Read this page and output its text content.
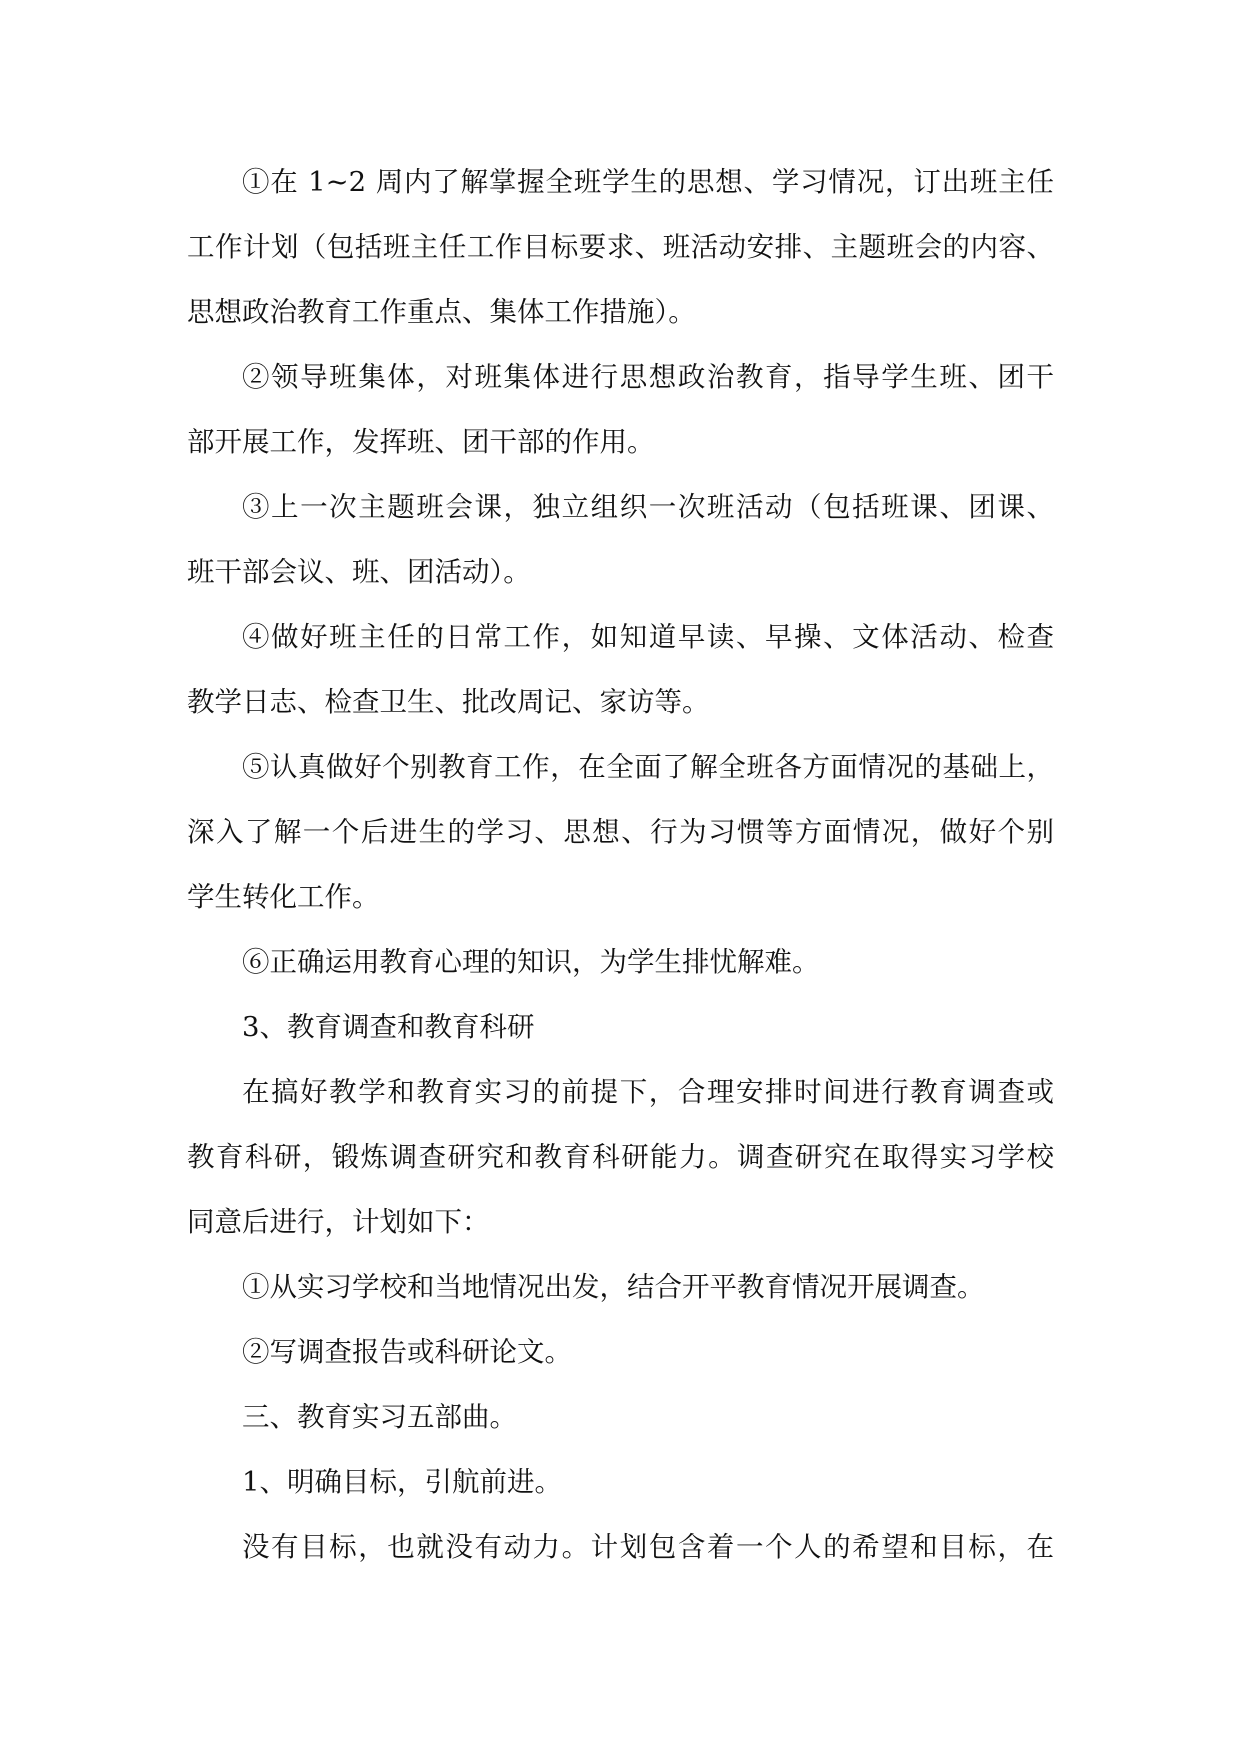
①在 1~2 周内了解掌握全班学生的思想、学习情况，订出班主任
工作计划（包括班主任工作目标要求、班活动安排、主题班会的内容、
思想政治教育工作重点、集体工作措施）。
②领导班集体，对班集体进行思想政治教育，指导学生班、团干
部开展工作，发挥班、团干部的作用。
③上一次主题班会课，独立组织一次班活动（包括班课、团课、
班干部会议、班、团活动）。
④做好班主任的日常工作，如知道早读、早操、文体活动、检查
教学日志、检查卫生、批改周记、家访等。
⑤认真做好个别教育工作，在全面了解全班各方面情况的基础上，
深入了解一个后进生的学习、思想、行为习惯等方面情况，做好个别
学生转化工作。
⑥正确运用教育心理的知识，为学生排忧解难。
3、教育调查和教育科研
在搞好教学和教育实习的前提下，合理安排时间进行教育调查或
教育科研，锻炼调查研究和教育科研能力。调查研究在取得实习学校
同意后进行，计划如下：
①从实习学校和当地情况出发，结合开平教育情况开展调查。
②写调查报告或科研论文。
三、教育实习五部曲。
1、明确目标，引航前进。
没有目标，也就没有动力。计划包含着一个人的希望和目标，在
